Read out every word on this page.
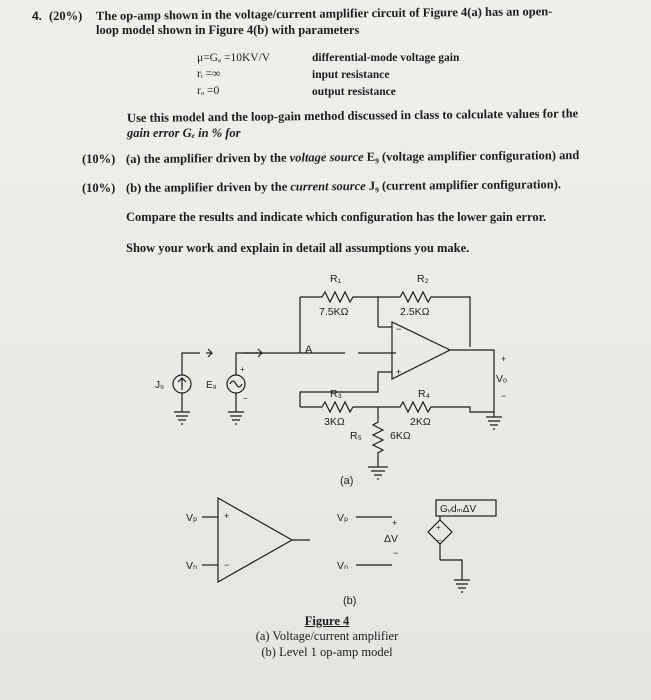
4. (20%) The op-amp shown in the voltage/current amplifier circuit of Figure 4(a) has an open-
loop model shown in Figure 4(b) with parameters
μ=Gₐ =10KV/V	differential-mode voltage gain
rᵢ =∞	input resistance
rₒ =0	output resistance
Use this model and the loop-gain method discussed in class to calculate values for the
gain error Gₑ in % for
(10%) (a) the amplifier driven by the voltage source E₉ (voltage amplifier configuration) and
(10%) (b) the amplifier driven by the current source J₉ (current amplifier configuration).
Compare the results and indicate which configuration has the lower gain error.
Show your work and explain in detail all assumptions you make.
−
+
+
−
+
−
R₁
7.5KΩ
R₂
2.5KΩ
A
J₉	E₉
Vₒ
R₃
3KΩ
R₄
2KΩ
R₅	6KΩ
(a)
+
−
+
−
Vₚ
Vₙ
Vₚ
Vₙ
+
ΔV
−
GᵥdₘΔV
(b)
Figure 4
(a) Voltage/current amplifier
(b) Level 1 op-amp model
